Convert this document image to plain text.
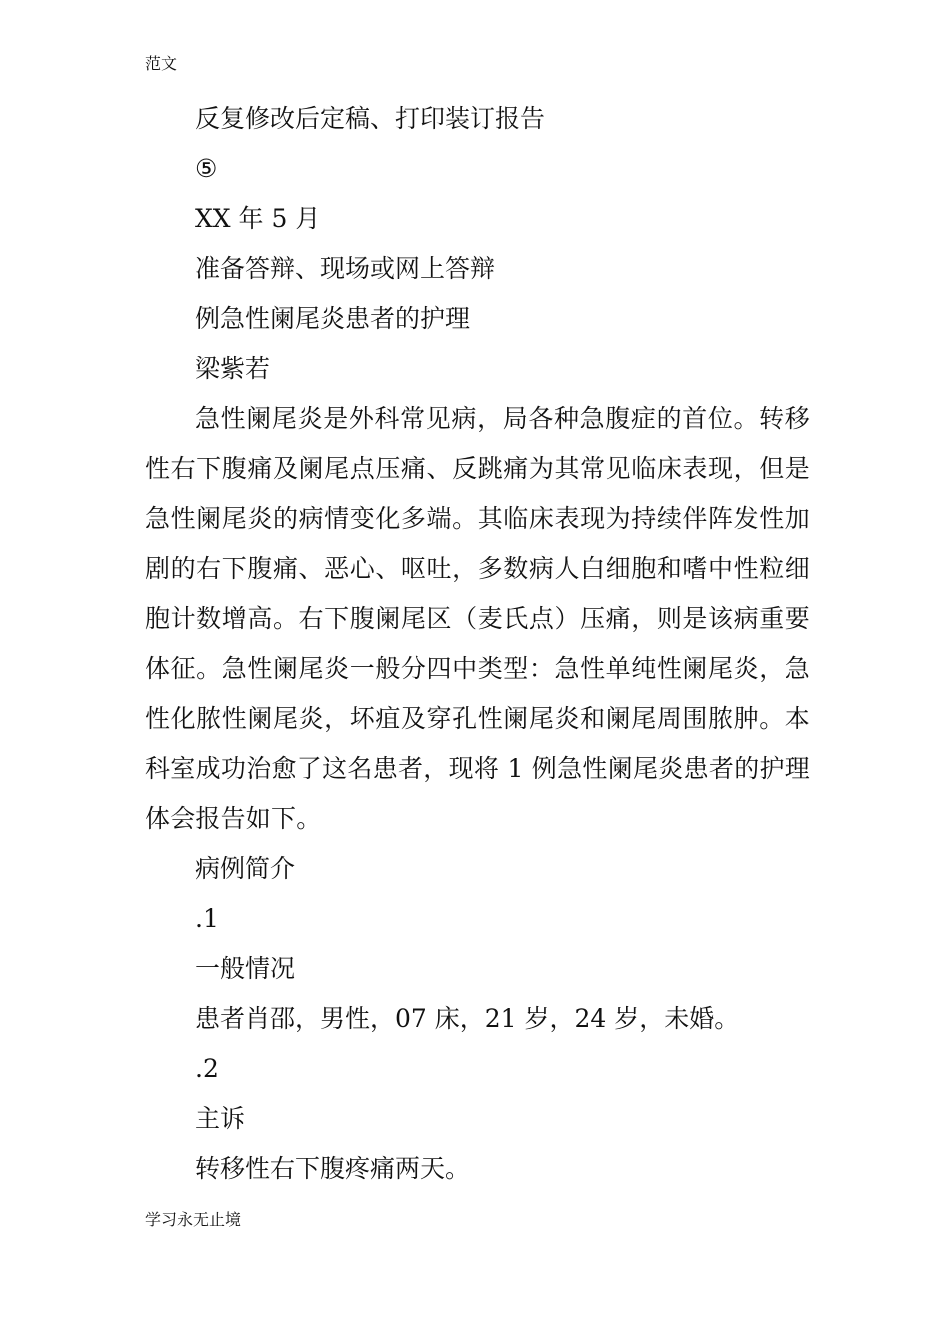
范文
反复修改后定稿、打印装订报告
⑤
XX 年 5 月
准备答辩、现场或网上答辩
例急性阑尾炎患者的护理
梁紫若

急性阑尾炎是外科常见病，局各种急腹症的首位。转移性右下腹痛及阑尾点压痛、反跳痛为其常见临床表现，但是急性阑尾炎的病情变化多端。其临床表现为持续伴阵发性加剧的右下腹痛、恶心、呕吐，多数病人白细胞和嗜中性粒细胞计数增高。右下腹阑尾区（麦氏点）压痛，则是该病重要体征。急性阑尾炎一般分四中类型：急性单纯性阑尾炎，急性化脓性阑尾炎，坏疽及穿孔性阑尾炎和阑尾周围脓肿。本科室成功治愈了这名患者，现将 1 例急性阑尾炎患者的护理体会报告如下。

病例简介
.1
一般情况
患者肖邵，男性，07 床，21 岁，24 岁，未婚。
.2
主诉
转移性右下腹疼痛两天。
学习永无止境
